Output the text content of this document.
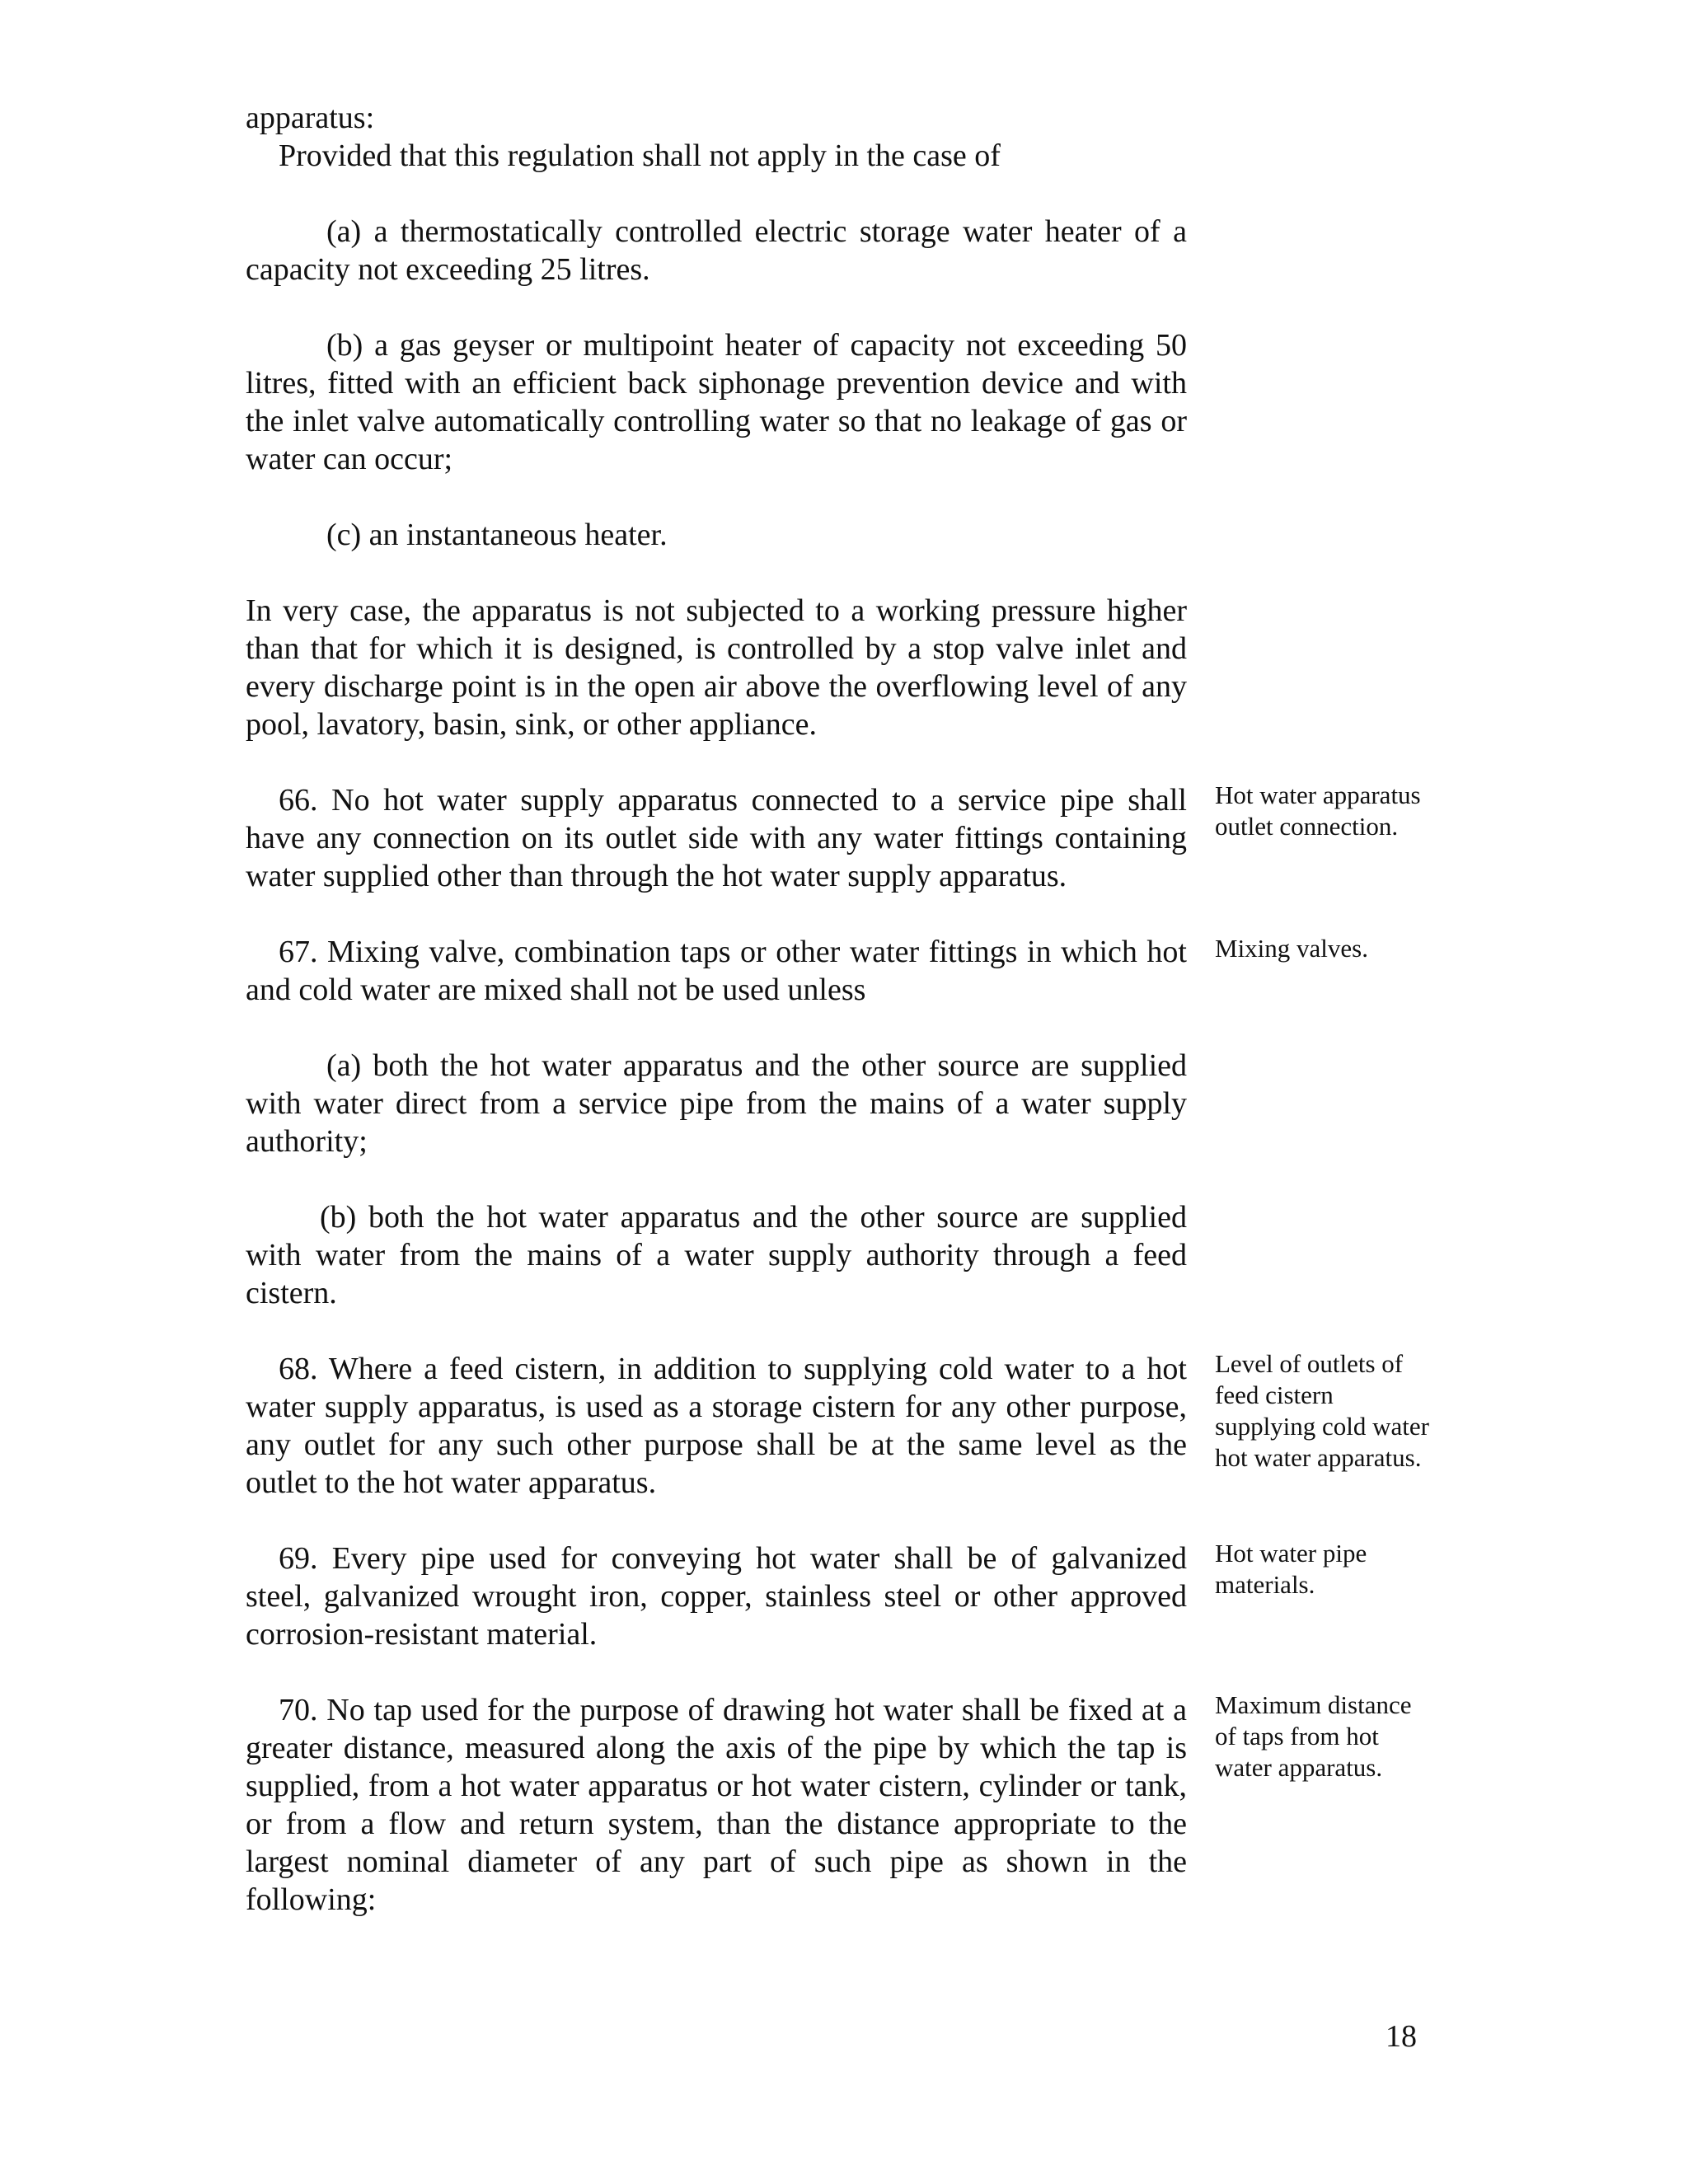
apparatus:

Provided that this regulation shall not apply in the case of

(a) a thermostatically controlled electric storage water heater of a capacity not exceeding 25 litres.

(b) a gas geyser or multipoint heater of capacity not exceeding 50 litres, fitted with an efficient back siphonage prevention device and with the inlet valve automatically controlling water so that no leakage of gas or water can occur;

(c) an instantaneous heater.

In very case, the apparatus is not subjected to a working pressure higher than that for which it is designed, is controlled by a stop valve inlet and every discharge point is in the open air above the overflowing level of any pool, lavatory, basin, sink, or other appliance.

66. No hot water supply apparatus connected to a service pipe shall have any connection on its outlet side with any water fittings containing water supplied other than through the hot water supply apparatus.

Hot water apparatus outlet connection.

67. Mixing valve, combination taps or other water fittings in which hot and cold water are mixed shall not be used unless

Mixing valves.

(a) both the hot water apparatus and the other source are supplied with water direct from a service pipe from the mains of a water supply authority;

(b) both the hot water apparatus and the other source are supplied with water from the mains of a water supply authority through a feed cistern.

68. Where a feed cistern, in addition to supplying cold water to a hot water supply apparatus, is used as a storage cistern for any other purpose, any outlet for any such other purpose shall be at the same level as the outlet to the hot water apparatus.

Level of outlets of feed cistern supplying cold water hot water apparatus.

69. Every pipe used for conveying hot water shall be of galvanized steel, galvanized wrought iron, copper, stainless steel or other approved corrosion-resistant material.

Hot water pipe materials.

70. No tap used for the purpose of drawing hot water shall be fixed at a greater distance, measured along the axis of the pipe by which the tap is supplied, from a hot water apparatus or hot water cistern, cylinder or tank, or from a flow and return system, than the distance appropriate to the largest nominal diameter of any part of such pipe as shown in the following:

Maximum distance of taps from hot water apparatus.

18
